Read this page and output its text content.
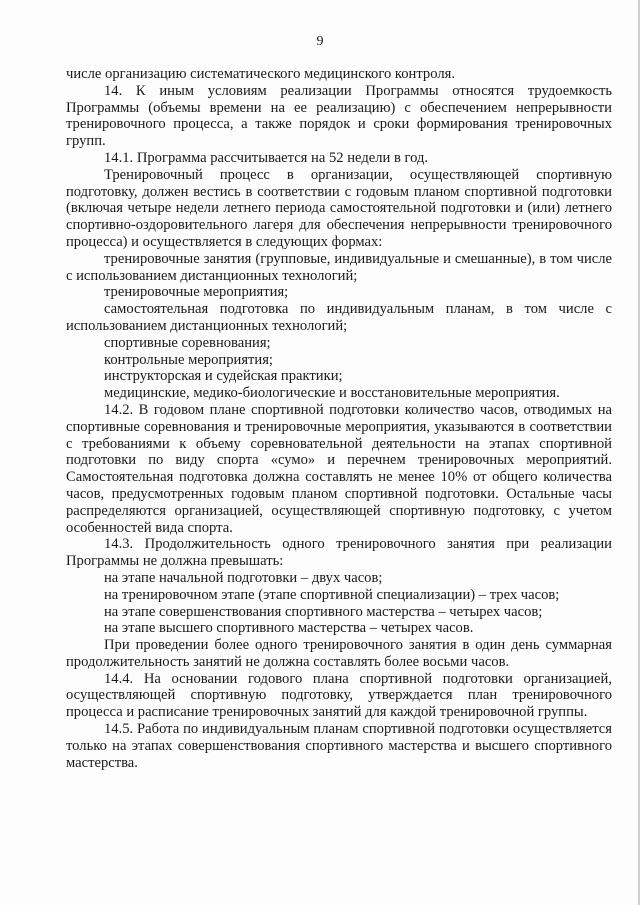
9

числе организацию систематического медицинского контроля.

14. К иным условиям реализации Программы относятся трудоемкость Программы (объемы времени на ее реализацию) с обеспечением непрерывности тренировочного процесса, а также порядок и сроки формирования тренировочных групп.

14.1. Программа рассчитывается на 52 недели в год.

Тренировочный процесс в организации, осуществляющей спортивную подготовку, должен вестись в соответствии с годовым планом спортивной подготовки (включая четыре недели летнего периода самостоятельной подготовки и (или) летнего спортивно-оздоровительного лагеря для обеспечения непрерывности тренировочного процесса) и осуществляется в следующих формах:

тренировочные занятия (групповые, индивидуальные и смешанные), в том числе с использованием дистанционных технологий;

тренировочные мероприятия;

самостоятельная подготовка по индивидуальным планам, в том числе с использованием дистанционных технологий;

спортивные соревнования;

контрольные мероприятия;

инструкторская и судейская практики;

медицинские, медико-биологические и восстановительные мероприятия.

14.2. В годовом плане спортивной подготовки количество часов, отводимых на спортивные соревнования и тренировочные мероприятия, указываются в соответствии с требованиями к объему соревновательной деятельности на этапах спортивной подготовки по виду спорта «сумо» и перечнем тренировочных мероприятий. Самостоятельная подготовка должна составлять не менее 10% от общего количества часов, предусмотренных годовым планом спортивной подготовки. Остальные часы распределяются организацией, осуществляющей спортивную подготовку, с учетом особенностей вида спорта.

14.3. Продолжительность одного тренировочного занятия при реализации Программы не должна превышать:

на этапе начальной подготовки – двух часов;

на тренировочном этапе (этапе спортивной специализации) – трех часов;

на этапе совершенствования спортивного мастерства – четырех часов;

на этапе высшего спортивного мастерства – четырех часов.

При проведении более одного тренировочного занятия в один день суммарная продолжительность занятий не должна составлять более восьми часов.

14.4. На основании годового плана спортивной подготовки организацией, осуществляющей спортивную подготовку, утверждается план тренировочного процесса и расписание тренировочных занятий для каждой тренировочной группы.

14.5. Работа по индивидуальным планам спортивной подготовки осуществляется только на этапах совершенствования спортивного мастерства и высшего спортивного мастерства.
